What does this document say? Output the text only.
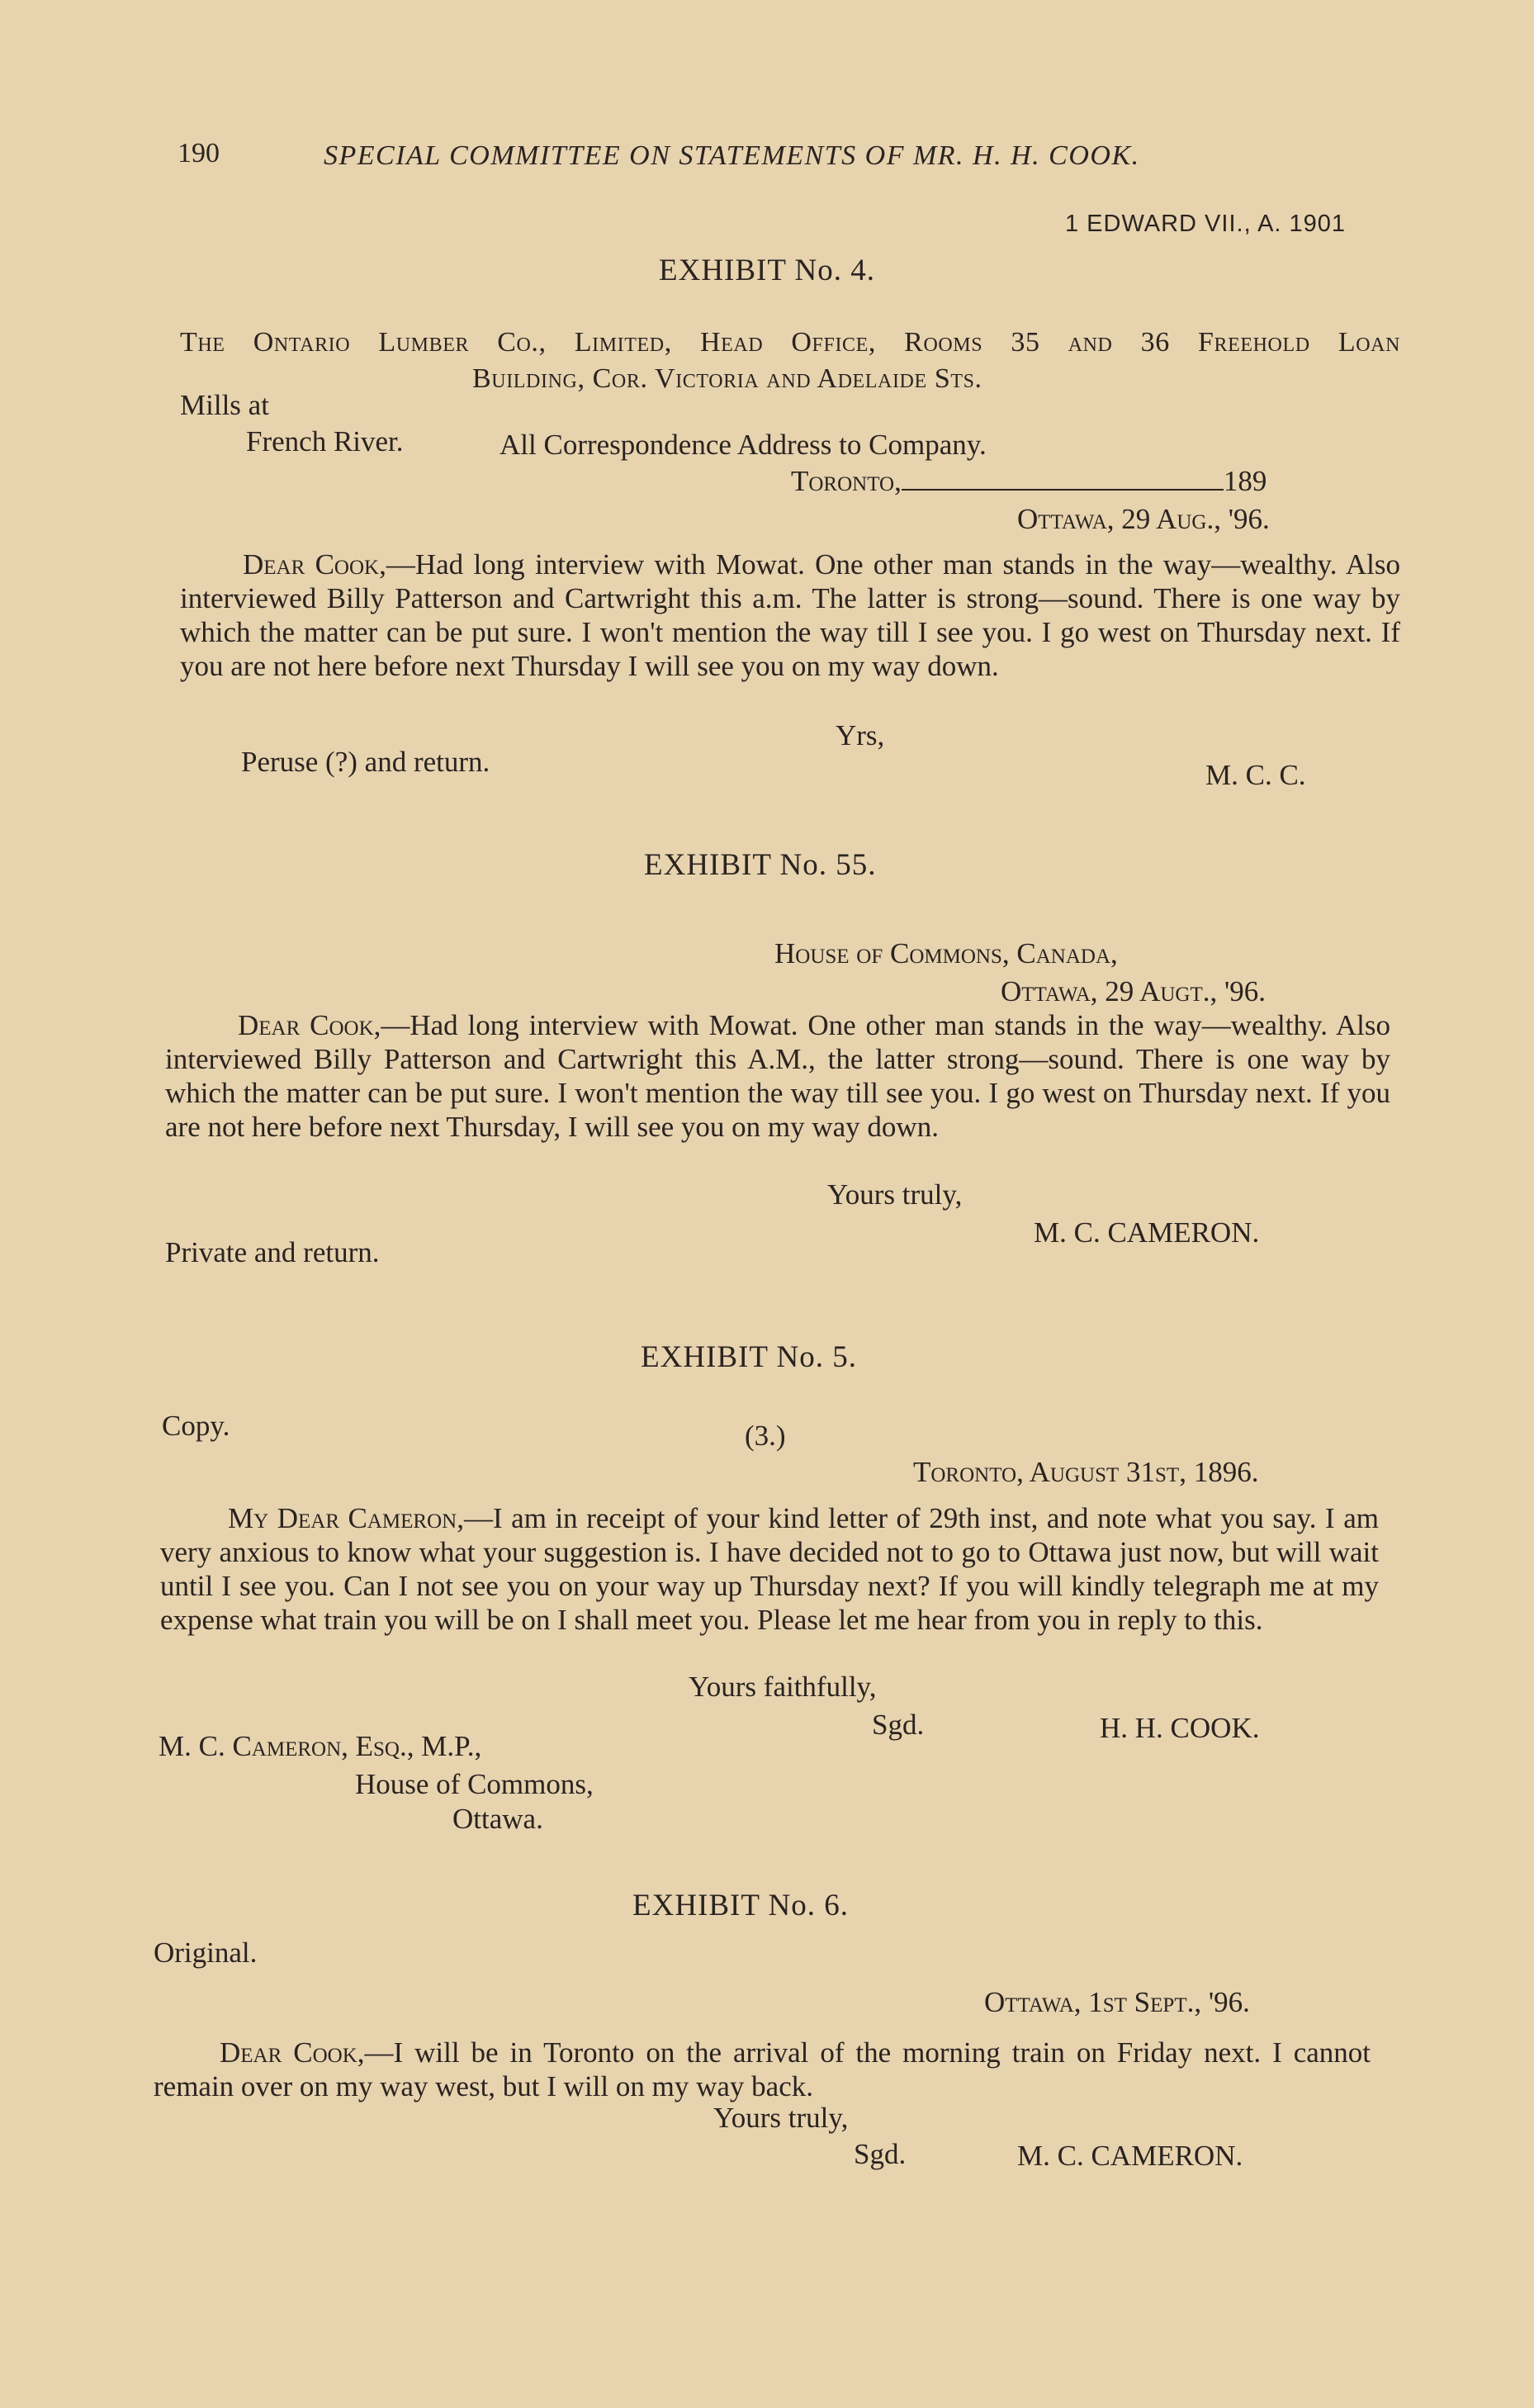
190	SPECIAL COMMITTEE ON STATEMENTS OF MR. H. H. COOK.
1 EDWARD VII., A. 1901
EXHIBIT No. 4.
The Ontario Lumber Co., Limited, Head Office, Rooms 35 and 36 Freehold Loan
Building, Cor. Victoria and Adelaide Sts.
Mills at
French River.	All Correspondence Address to Company.
Toronto,	189
Ottawa, 29 Aug., '96.
Dear Cook,—Had long interview with Mowat. One other man stands in the way—wealthy. Also interviewed Billy Patterson and Cartwright this a.m. The latter is strong—sound. There is one way by which the matter can be put sure. I won't mention the way till I see you. I go west on Thursday next. If you are not here before next Thursday I will see you on my way down.
Yrs,
Peruse (?) and return.	M. C. C.
EXHIBIT No. 55.
House of Commons, Canada,
Ottawa, 29 Augt., '96.
Dear Cook,—Had long interview with Mowat. One other man stands in the way—wealthy. Also interviewed Billy Patterson and Cartwright this A.M., the latter strong—sound. There is one way by which the matter can be put sure. I won't mention the way till see you. I go west on Thursday next. If you are not here before next Thursday, I will see you on my way down.
Yours truly,
M. C. CAMERON.
Private and return.
EXHIBIT No. 5.
Copy.	(3.)
Toronto, August 31st, 1896.
My Dear Cameron,—I am in receipt of your kind letter of 29th inst, and note what you say. I am very anxious to know what your suggestion is. I have decided not to go to Ottawa just now, but will wait until I see you. Can I not see you on your way up Thursday next? If you will kindly telegraph me at my expense what train you will be on I shall meet you. Please let me hear from you in reply to this.
Yours faithfully,
Sgd.	H. H. COOK.
M. C. Cameron, Esq., M.P.,
House of Commons,
Ottawa.
EXHIBIT No. 6.
Original.
Ottawa, 1st Sept., '96.
Dear Cook,—I will be in Toronto on the arrival of the morning train on Friday next. I cannot remain over on my way west, but I will on my way back.
Yours truly,
Sgd.	M. C. CAMERON.
